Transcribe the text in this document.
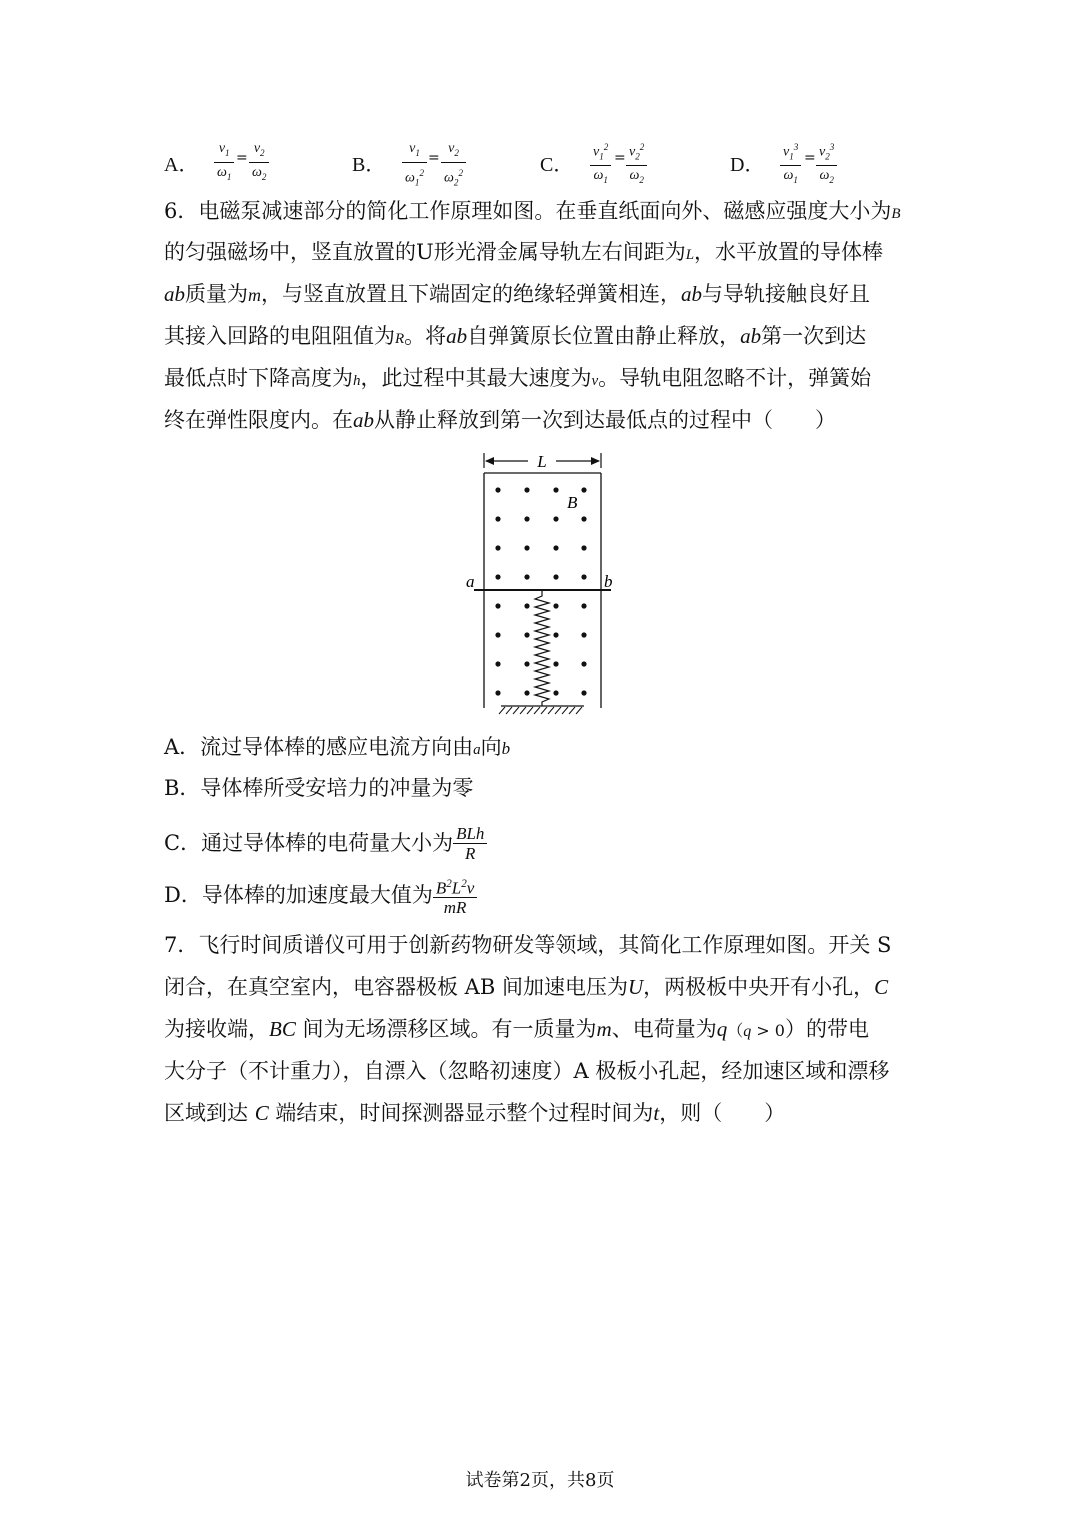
A． $\frac{v_1}{\omega_1} = \frac{v_2}{\omega_2}$	B． $\frac{v_1}{\omega_1^2} = \frac{v_2}{\omega_2^2}$	C． $\frac{v_1^2}{\omega_1} = \frac{v_2^2}{\omega_2}$	D． $\frac{v_1^3}{\omega_1} = \frac{v_2^3}{\omega_2}$
6．电磁泵减速部分的简化工作原理如图。在垂直纸面向外、磁感应强度大小为B
的匀强磁场中，竖直放置的U形光滑金属导轨左右间距为L，水平放置的导体棒
ab质量为m，与竖直放置且下端固定的绝缘轻弹簧相连，ab与导轨接触良好且
其接入回路的电阻阻值为R。将ab自弹簧原长位置由静止释放，ab第一次到达
最低点时下降高度为h，此过程中其最大速度为v。导轨电阻忽略不计，弹簧始
终在弹性限度内。在ab从静止释放到第一次到达最低点的过程中（　　）
L
a	b
B
A．流过导体棒的感应电流方向由a向b
B．导体棒所受安培力的冲量为零
C．通过导体棒的电荷量大小为 $\frac{\text{BLh}}{R}$
D．导体棒的加速度最大值为 $\frac{B^2L^2v}{mR}$
7．飞行时间质谱仪可用于创新药物研发等领域，其简化工作原理如图。开关 S
闭合，在真空室内，电容器极板 AB 间加速电压为U，两极板中央开有小孔，C
为接收端，BC 间为无场漂移区域。有一质量为m、电荷量为q（q > 0）的带电
大分子（不计重力），自漂入（忽略初速度）A 极板小孔起，经加速区域和漂移
区域到达 C 端结束，时间探测器显示整个过程时间为t，则（　　）
试卷第2页，共8页
